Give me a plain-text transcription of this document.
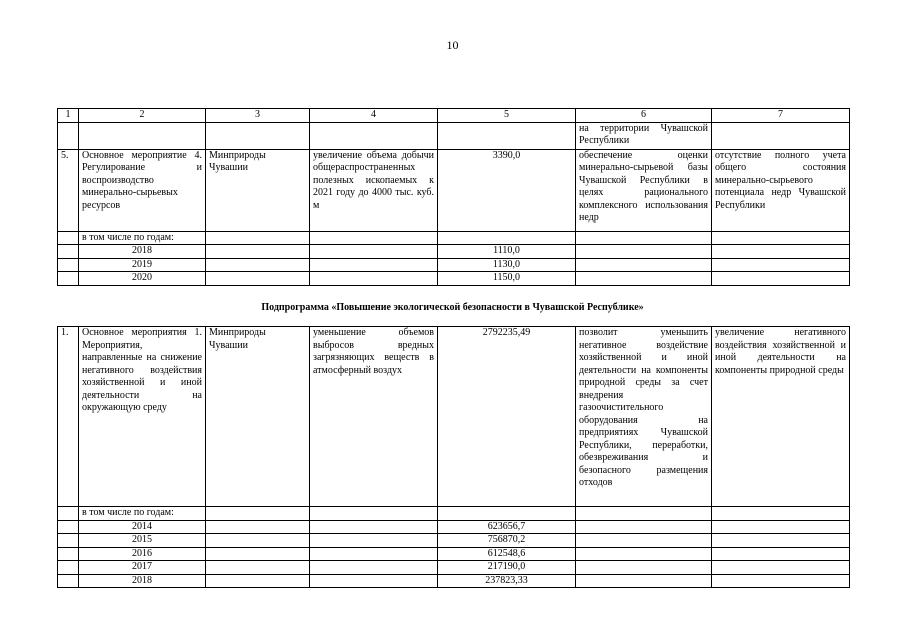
10
1	2	3	4	5	6	7
					на территории Чувашской Республики	
5.	Основное мероприятие 4. Регулирование и воспроизводство минерально-сырьевых ресурсов	Минприроды Чувашии	увеличение объема добычи общераспространенных полезных ископаемых к 2021 году до 4000 тыс. куб. м	3390,0	обеспечение оценки минерально-сырьевой базы Чувашской Республики в целях рационального комплексного использования недр	отсутствие полного учета общего состояния минерально-сырьевого потенциала недр Чувашской Республики
	в том числе по годам:					
	2018			1110,0		
	2019			1130,0		
	2020			1150,0		
Подпрограмма «Повышение экологической безопасности в Чувашской Республике»
1.	Основное мероприятия 1. Мероприятия, направленные на снижение негативного воздействия хозяйственной и иной деятельности на окружающую среду	Минприроды Чувашии	уменьшение объемов выбросов вредных загрязняющих веществ в атмосферный воздух	2792235,49	позволит уменьшить негативное воздействие хозяйственной и иной деятельности на компоненты природной среды за счет внедрения газоочистительного оборудования на предприятиях Чувашской Республики, переработки, обезвреживания и безопасного размещения отходов	увеличение негативного воздействия хозяйственной и иной деятельности на компоненты природной среды
	в том числе по годам:					
	2014			623656,7		
	2015			756870,2		
	2016			612548,6		
	2017			217190,0		
	2018			237823,33		
